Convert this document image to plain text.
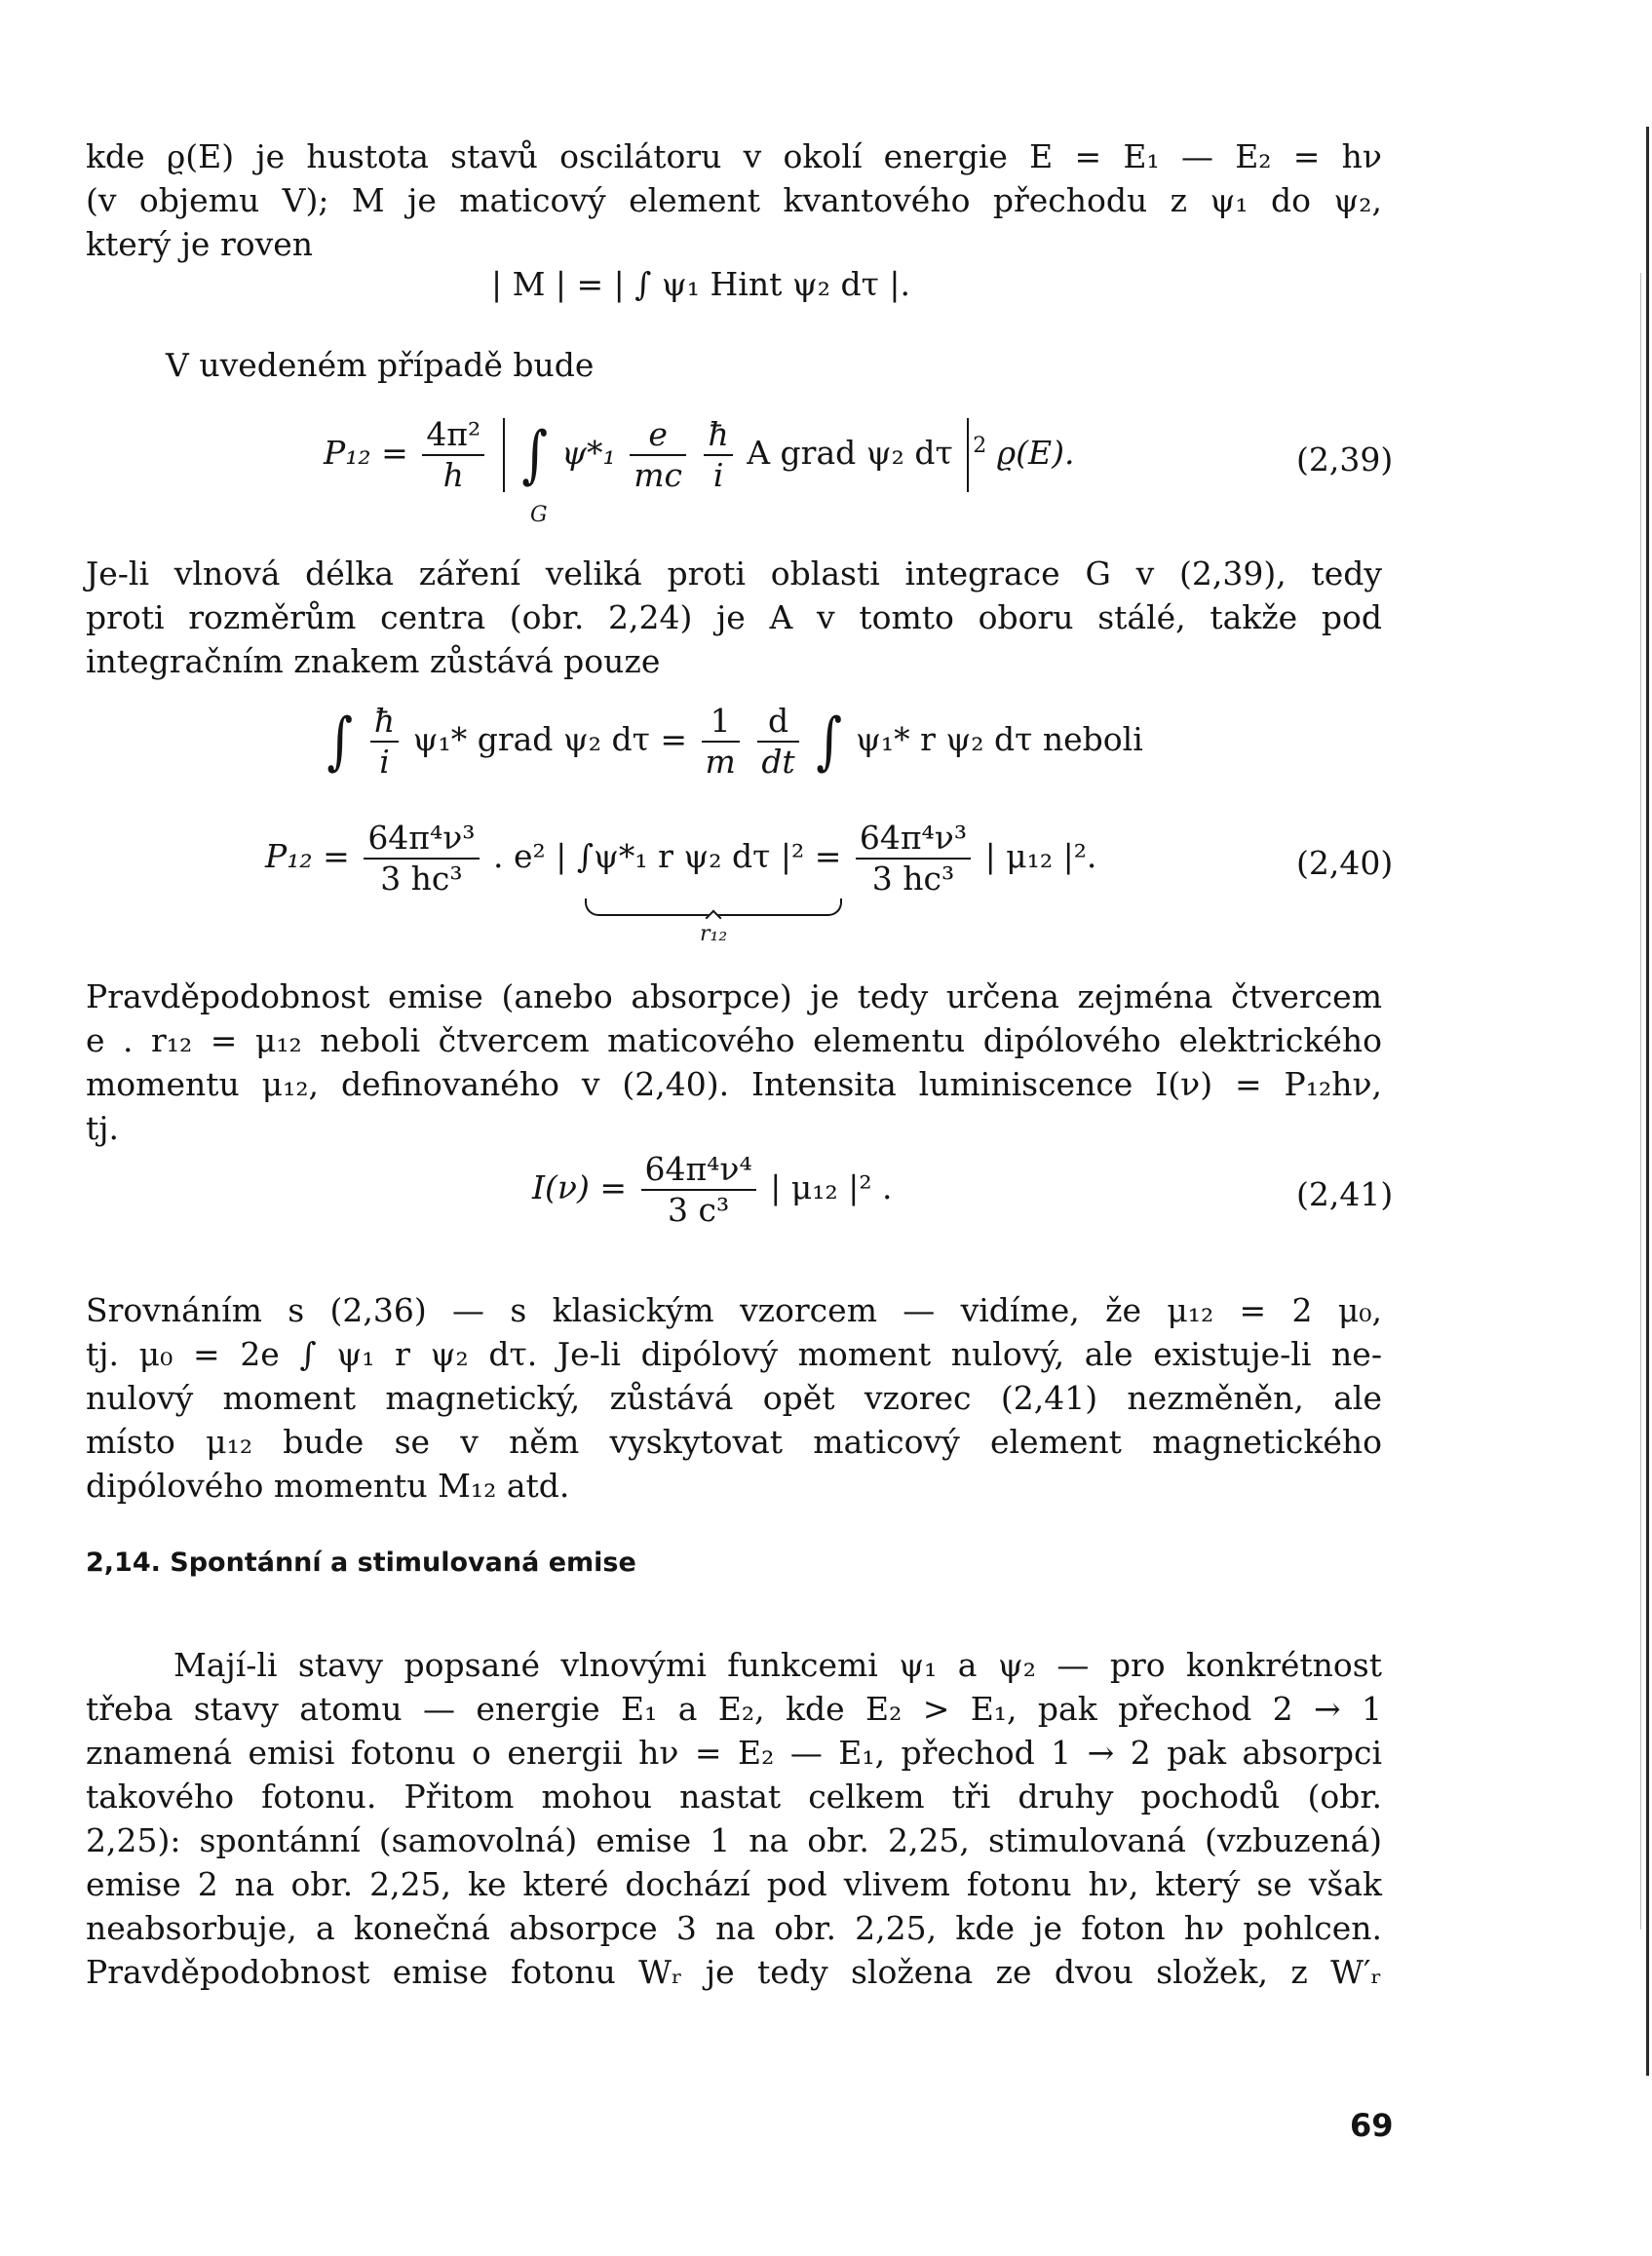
kde ϱ(E) je hustota stavů oscilátoru v okolí energie E = E₁ — E₂ = hν
(v objemu V); M je maticový element kvantového přechodu z ψ₁ do ψ₂,
který je roven

| M | = | ∫ ψ₁ Hint ψ₂ dτ |.

V uvedeném případě bude

$P_{12} = \frac{\text{4π²}}{h}$ ∫ $\psi*_1 \frac{e}{mc}$
$\frac{ħ}{i}$ A grad ψ₂ dτ $^2$ ϱ(E).
G
(2,39)

Je-li vlnová délka záření veliká proti oblasti integrace G v (2,39), tedy
proti rozměrům centra (obr. 2,24) je A v tomto oboru stálé, takže pod
integračním znakem zůstává pouze

∫ $\frac{ħ}{i} \psi_1*$ grad ψ₂ $d\tau = \frac{1}{m}$
$\frac{d}{dt}$ ∫ ψ₁* r ψ₂ dτ neboli
$P_{12} = \frac{\text{64π⁴ν³}}{\text{3 hc³}}$ . e² | ∫ψ*₁ r ψ₂ dτ $|^2 = \frac{\text{64π⁴ν³}}{\text{3 hc³}}$ | μ₁₂ |².
r₁₂
(2,40)

Pravděpodobnost emise (anebo absorpce) je tedy určena zejména čtvercem
e . r₁₂ = μ₁₂ neboli čtvercem maticového elementu dipólového elektrického
momentu μ₁₂, definovaného v (2,40). Intensita luminiscence I(ν) = P₁₂hν,
tj.

$I(\nu) = \frac{\text{64π⁴ν⁴}}{\text{3 c³}}$ | μ₁₂ |² .	(2,41)

Srovnáním s (2,36) — s klasickým vzorcem — vidíme, že μ₁₂ = 2 μ₀,
tj. μ₀ = 2e ∫ ψ₁ r ψ₂ dτ. Je-li dipólový moment nulový, ale existuje-li ne-
nulový moment magnetický, zůstává opět vzorec (2,41) nezměněn, ale
místo μ₁₂ bude se v něm vyskytovat maticový element magnetického
dipólového momentu M₁₂ atd.

2,14. Spontánní a stimulovaná emise

Mají-li stavy popsané vlnovými funkcemi ψ₁ a ψ₂ — pro konkrétnost
třeba stavy atomu — energie E₁ a E₂, kde E₂ > E₁, pak přechod 2 → 1
znamená emisi fotonu o energii hν = E₂ — E₁, přechod 1 → 2 pak absorpci
takového fotonu. Přitom mohou nastat celkem tři druhy pochodů (obr.
2,25): spontánní (samovolná) emise 1 na obr. 2,25, stimulovaná (vzbuzená)
emise 2 na obr. 2,25, ke které dochází pod vlivem fotonu hν, který se však
neabsorbuje, a konečná absorpce 3 na obr. 2,25, kde je foton hν pohlcen.
Pravděpodobnost emise fotonu Wᵣ je tedy složena ze dvou složek, z W′ᵣ

69
